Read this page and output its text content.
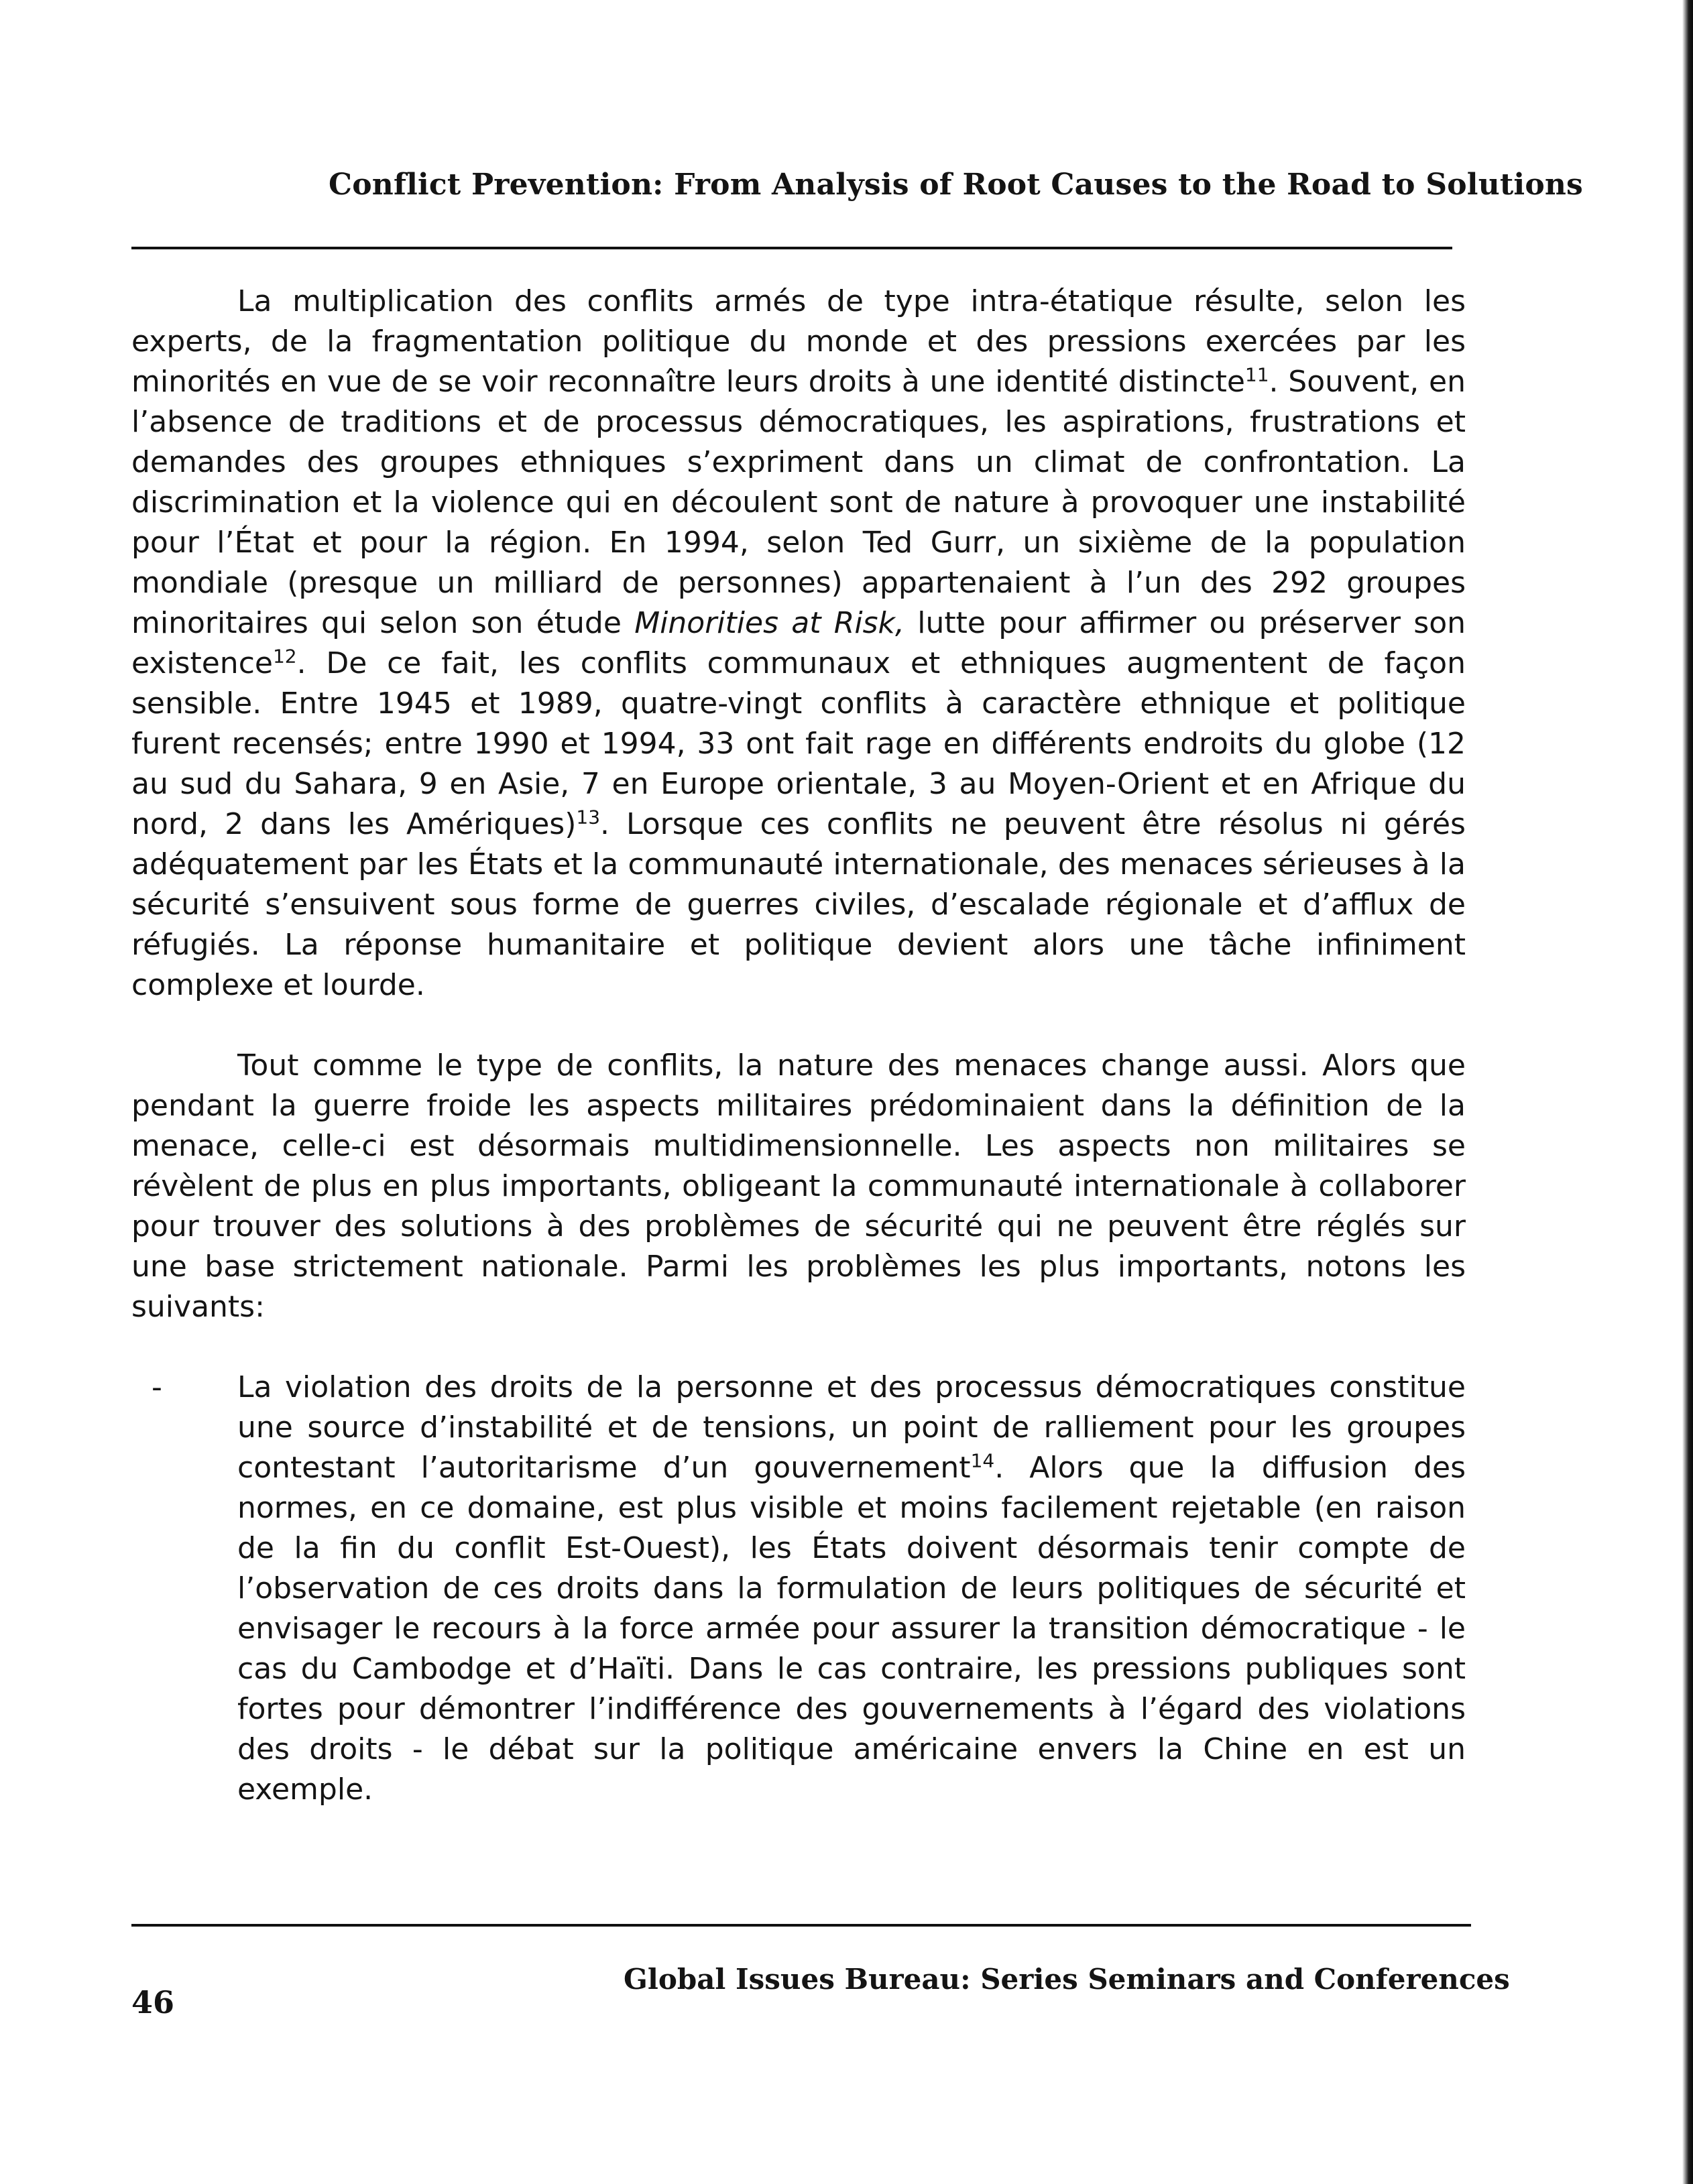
Conflict Prevention: From Analysis of Root Causes to the Road to Solutions

La multiplication des conflits armés de type intra-étatique résulte, selon les experts, de la fragmentation politique du monde et des pressions exercées par les minorités en vue de se voir reconnaître leurs droits à une identité distincte$^{11}$. Souvent, en l’absence de traditions et de processus démocratiques, les aspirations, frustrations et demandes des groupes ethniques s’expriment dans un climat de confrontation. La discrimination et la violence qui en découlent sont de nature à provoquer une instabilité pour l’État et pour la région. En 1994, selon Ted Gurr, un sixième de la population mondiale (presque un milliard de personnes) appartenaient à l’un des 292 groupes minoritaires qui selon son étude Minorities at Risk, lutte pour affirmer ou préserver son existence$^{12}$. De ce fait, les conflits communaux et ethniques augmentent de façon sensible. Entre 1945 et 1989, quatre-vingt conflits à caractère ethnique et politique furent recensés; entre 1990 et 1994, 33 ont fait rage en différents endroits du globe (12 au sud du Sahara, 9 en Asie, 7 en Europe orientale, 3 au Moyen-Orient et en Afrique du nord, 2 dans les Amériques)$^{13}$. Lorsque ces conflits ne peuvent être résolus ni gérés adéquatement par les États et la communauté internationale, des menaces sérieuses à la sécurité s’ensuivent sous forme de guerres civiles, d’escalade régionale et d’afflux de réfugiés. La réponse humanitaire et politique devient alors une tâche infiniment complexe et lourde.

Tout comme le type de conflits, la nature des menaces change aussi. Alors que pendant la guerre froide les aspects militaires prédominaient dans la définition de la menace, celle-ci est désormais multidimensionnelle. Les aspects non militaires se révèlent de plus en plus importants, obligeant la communauté internationale à collaborer pour trouver des solutions à des problèmes de sécurité qui ne peuvent être réglés sur une base strictement nationale. Parmi les problèmes les plus importants, notons les suivants:

-	La violation des droits de la personne et des processus démocratiques constitue une source d’instabilité et de tensions, un point de ralliement pour les groupes contestant l’autoritarisme d’un gouvernement$^{14}$. Alors que la diffusion des normes, en ce domaine, est plus visible et moins facilement rejetable (en raison de la fin du conflit Est-Ouest), les États doivent désormais tenir compte de l’observation de ces droits dans la formulation de leurs politiques de sécurité et envisager le recours à la force armée pour assurer la transition démocratique - le cas du Cambodge et d’Haïti. Dans le cas contraire, les pressions publiques sont fortes pour démontrer l’indifférence des gouvernements à l’égard des violations des droits - le débat sur la politique américaine envers la Chine en est un exemple.
46
Global Issues Bureau: Series Seminars and Conferences
